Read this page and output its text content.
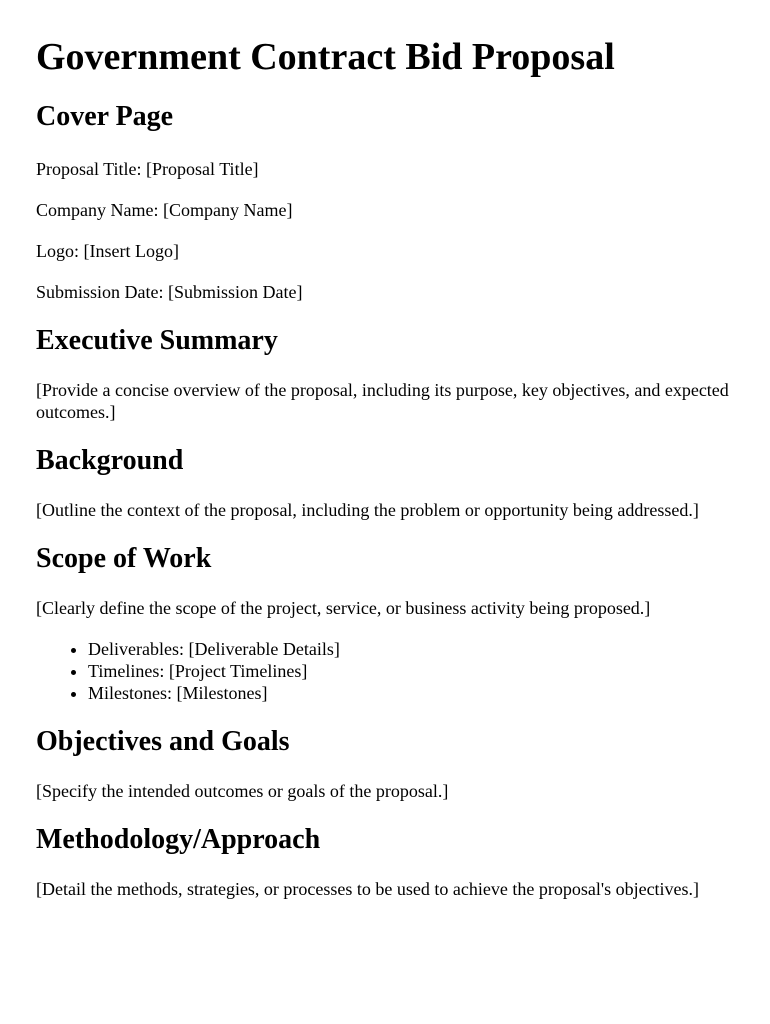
Government Contract Bid Proposal
Cover Page

Proposal Title: [Proposal Title]

Company Name: [Company Name]

Logo: [Insert Logo]

Submission Date: [Submission Date]

Executive Summary

[Provide a concise overview of the proposal, including its purpose, key objectives, and expected outcomes.]

Background

[Outline the context of the proposal, including the problem or opportunity being addressed.]

Scope of Work

[Clearly define the scope of the project, service, or business activity being proposed.]

• Deliverables: [Deliverable Details]
• Timelines: [Project Timelines]
• Milestones: [Milestones]
Objectives and Goals

[Specify the intended outcomes or goals of the proposal.]

Methodology/Approach

[Detail the methods, strategies, or processes to be used to achieve the proposal's objectives.]
